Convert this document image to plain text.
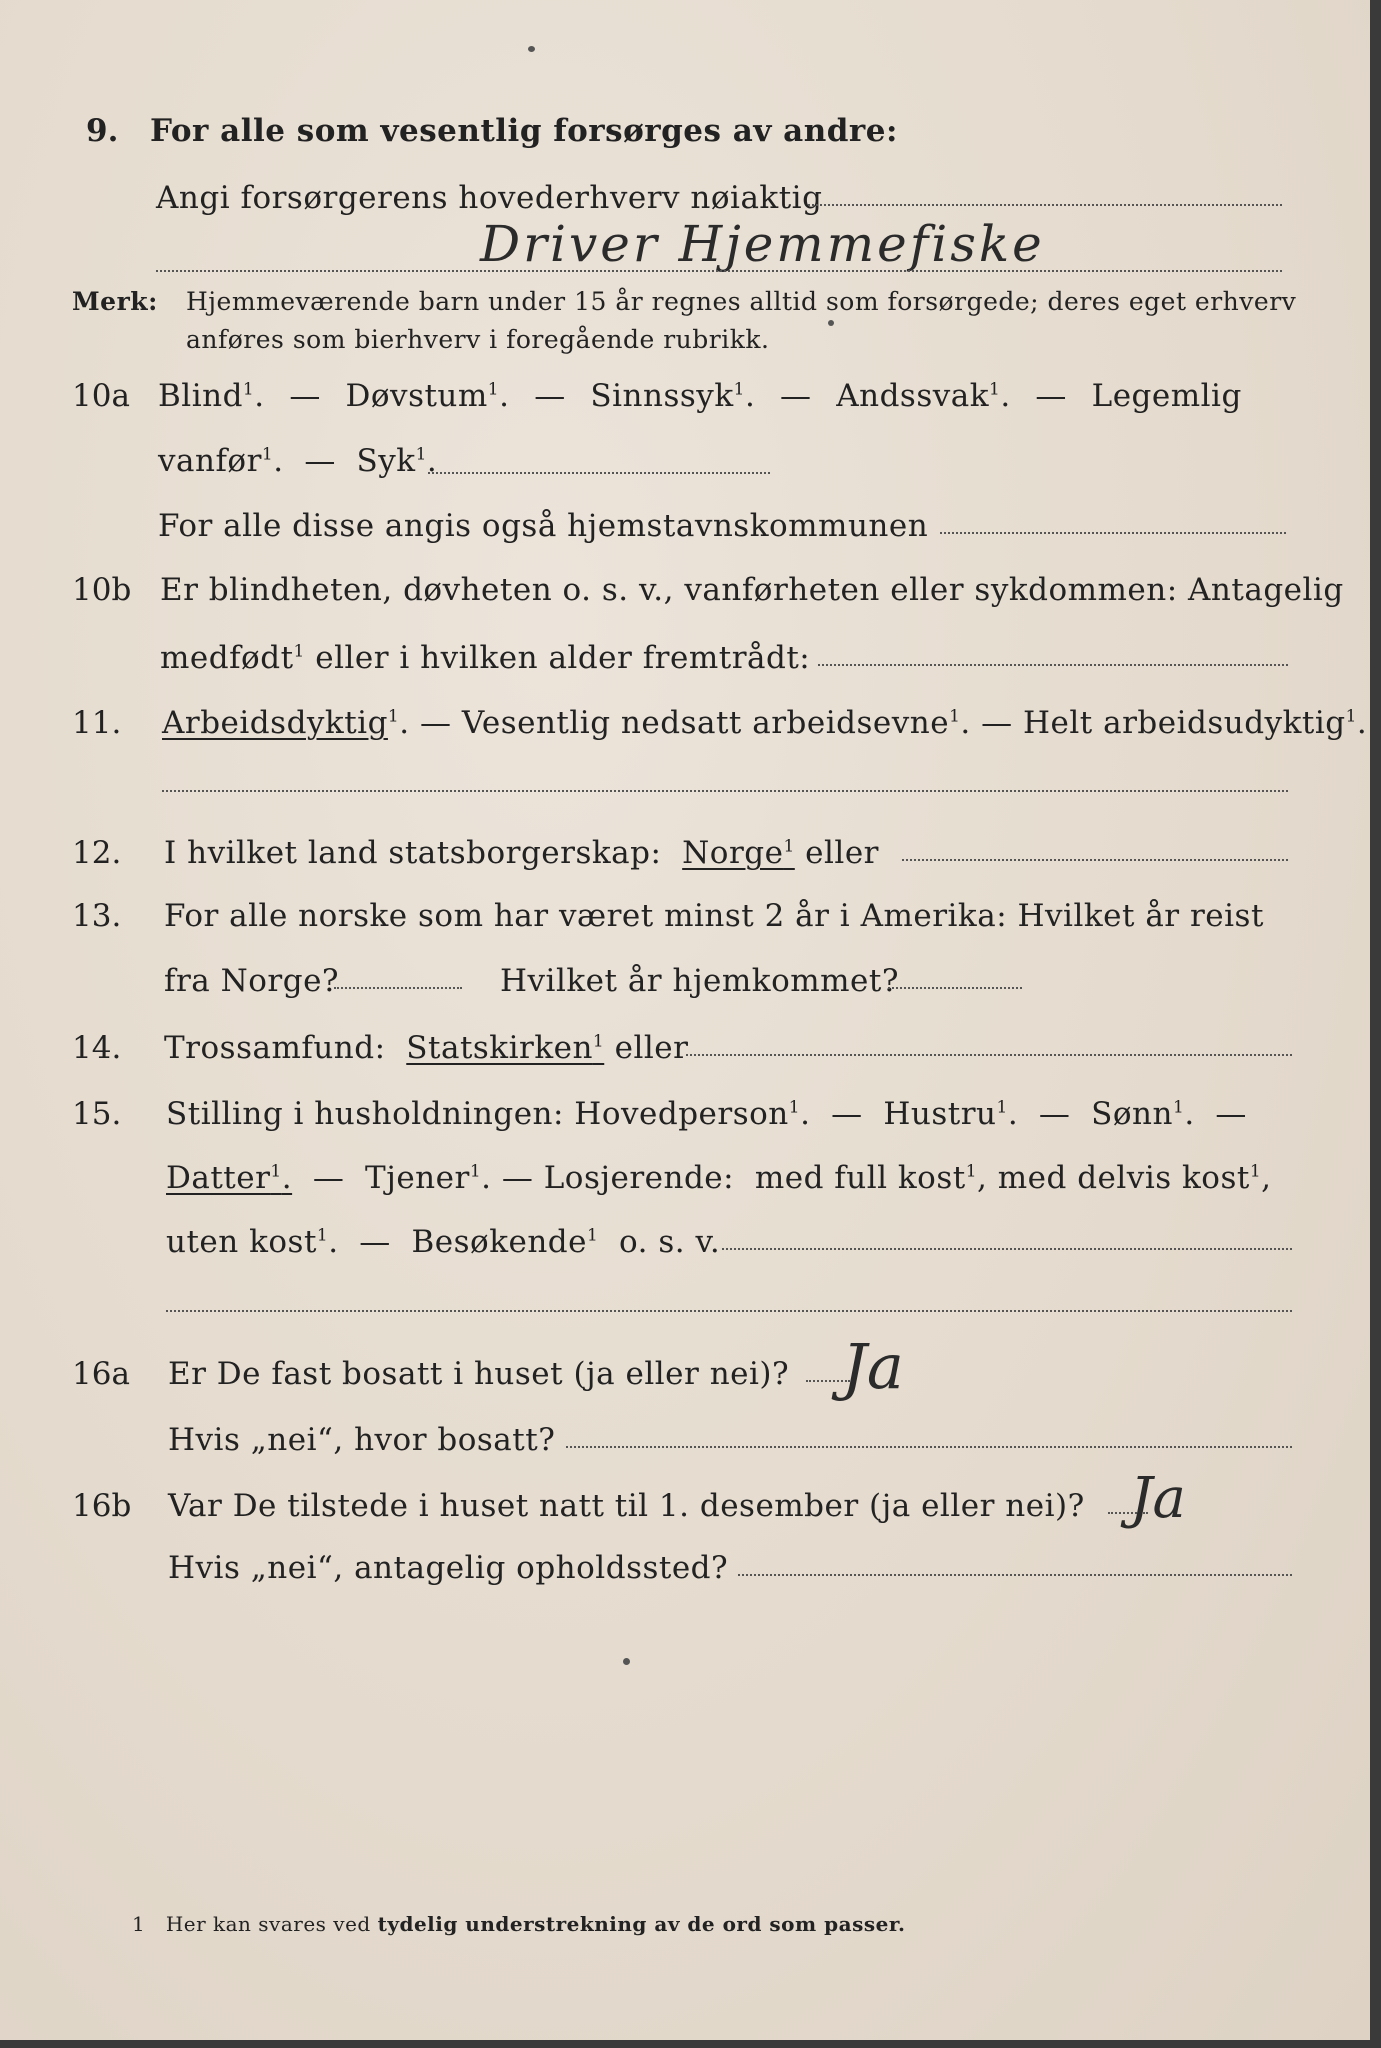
9. For alle som vesentlig forsørges av andre:
Angi forsørgerens hovederhverv nøiaktig
Driver Hjemmefiske
Merk: Hjemmeværende barn under 15 år regnes alltid som forsørgede; deres eget erhverv
anføres som bierhverv i foregående rubrikk.
10a Blind$^1$.  — Døvstum$^1$.  — Sinnssyk$^1$.  — Andssvak$^1$.  — Legemlig
vanfør$^1$.  — Syk$^1$.
For alle disse angis også hjemstavnskommunen
10b Er blindheten, døvheten o. s. v., vanførheten eller sykdommen: Antagelig
medfødt$^1$ eller i hvilken alder fremtrådt:
11. Arbeidsdyktig$^1$. — Vesentlig nedsatt arbeidsevne$^1$. — Helt arbeidsudyktig$^1$.
12. I hvilket land statsborgerskap: Norge$^1$ eller
13. For alle norske som har været minst 2 år i Amerika: Hvilket år reist
fra Norge?	Hvilket år hjemkommet?
14. Trossamfund: Statskirken$^1$ eller
15. Stilling i husholdningen: Hovedperson$^1$.  — Hustru$^1$.  — Sønn$^1$.  —
Datter$^1$. — Tjener$^1$. — Losjerende: med full kost$^1$, med delvis kost$^1$,
uten kost$^1$.  — Besøkende$^1$ o. s. v.
16a Er De fast bosatt i huset (ja eller nei)? Ja
Hvis „nei“, hvor bosatt?
16b Var De tilstede i huset natt til 1. desember (ja eller nei)? Ja
Hvis „nei“, antagelig opholdssted?
1 Her kan svares ved tydelig understrekning av de ord som passer.
